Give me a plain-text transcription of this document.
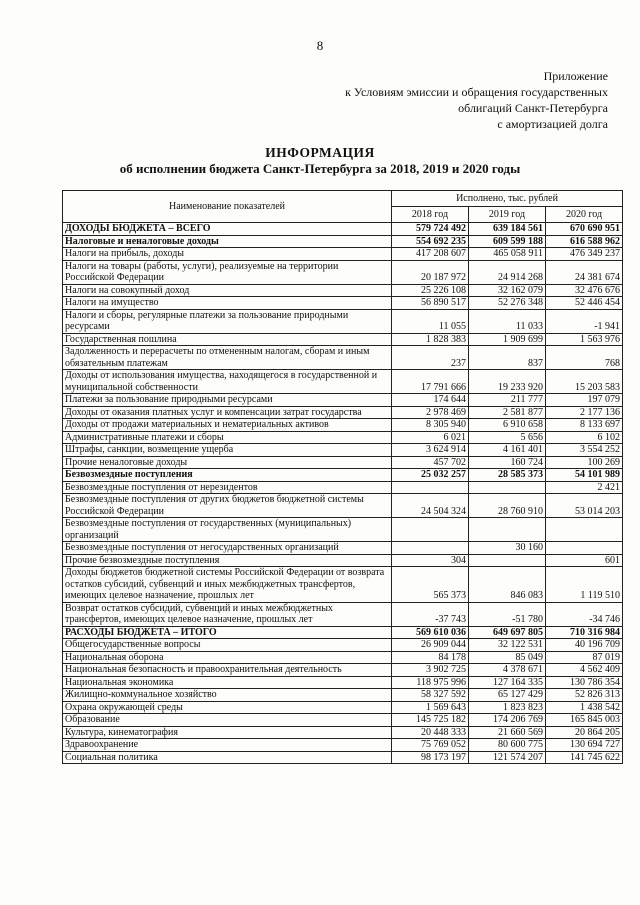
8
Приложение
к Условиям эмиссии и обращения государственных
облигаций Санкт-Петербурга
с амортизацией долга
ИНФОРМАЦИЯ
об исполнении бюджета Санкт-Петербурга за 2018, 2019 и 2020 годы
Наименование показателей	Исполнено, тыс. рублей		
	2018 год	2019 год	2020 год
ДОХОДЫ БЮДЖЕТА – ВСЕГО	579 724 492	639 184 561	670 690 951
Налоговые и неналоговые доходы	554 692 235	609 599 188	616 588 962
Налоги на прибыль, доходы	417 208 607	465 058 911	476 349 237
Налоги на товары (работы, услуги), реализуемые на территории Российской Федерации	20 187 972	24 914 268	24 381 674
Налоги на совокупный доход	25 226 108	32 162 079	32 476 676
Налоги на имущество	56 890 517	52 276 348	52 446 454
Налоги и сборы, регулярные платежи за пользование природными ресурсами	11 055	11 033	-1 941
Государственная пошлина	1 828 383	1 909 699	1 563 976
Задолженность и перерасчеты по отмененным налогам, сборам и иным обязательным платежам	237	837	768
Доходы от использования имущества, находящегося в государственной и муниципальной собственности	17 791 666	19 233 920	15 203 583
Платежи за пользование природными ресурсами	174 644	211 777	197 079
Доходы от оказания платных услуг и компенсации затрат государства	2 978 469	2 581 877	2 177 136
Доходы от продажи материальных и нематериальных активов	8 305 940	6 910 658	8 133 697
Административные платежи и сборы	6 021	5 656	6 102
Штрафы, санкции, возмещение ущерба	3 624 914	4 161 401	3 554 252
Прочие неналоговые доходы	457 702	160 724	100 269
Безвозмездные поступления	25 032 257	28 585 373	54 101 989
Безвозмездные поступления от нерезидентов			2 421
Безвозмездные поступления от других бюджетов бюджетной системы Российской Федерации	24 504 324	28 760 910	53 014 203
Безвозмездные поступления от государственных (муниципальных) организаций			
Безвозмездные поступления от негосударственных организаций		30 160	
Прочие безвозмездные поступления	304		601
Доходы бюджетов бюджетной системы Российской Федерации от возврата остатков субсидий, субвенций и иных межбюджетных трансфертов, имеющих целевое назначение, прошлых лет	565 373	846 083	1 119 510
Возврат остатков субсидий, субвенций и иных межбюджетных трансфертов, имеющих целевое назначение, прошлых лет	-37 743	-51 780	-34 746
РАСХОДЫ БЮДЖЕТА – ИТОГО	569 610 036	649 697 805	710 316 984
Общегосударственные вопросы	26 909 044	32 122 531	40 196 709
Национальная оборона	84 178	85 049	87 019
Национальная безопасность и правоохранительная деятельность	3 902 725	4 378 671	4 562 409
Национальная экономика	118 975 996	127 164 335	130 786 354
Жилищно-коммунальное хозяйство	58 327 592	65 127 429	52 826 313
Охрана окружающей среды	1 569 643	1 823 823	1 438 542
Образование	145 725 182	174 206 769	165 845 003
Культура, кинематография	20 448 333	21 660 569	20 864 205
Здравоохранение	75 769 052	80 600 775	130 694 727
Социальная политика	98 173 197	121 574 207	141 745 622
